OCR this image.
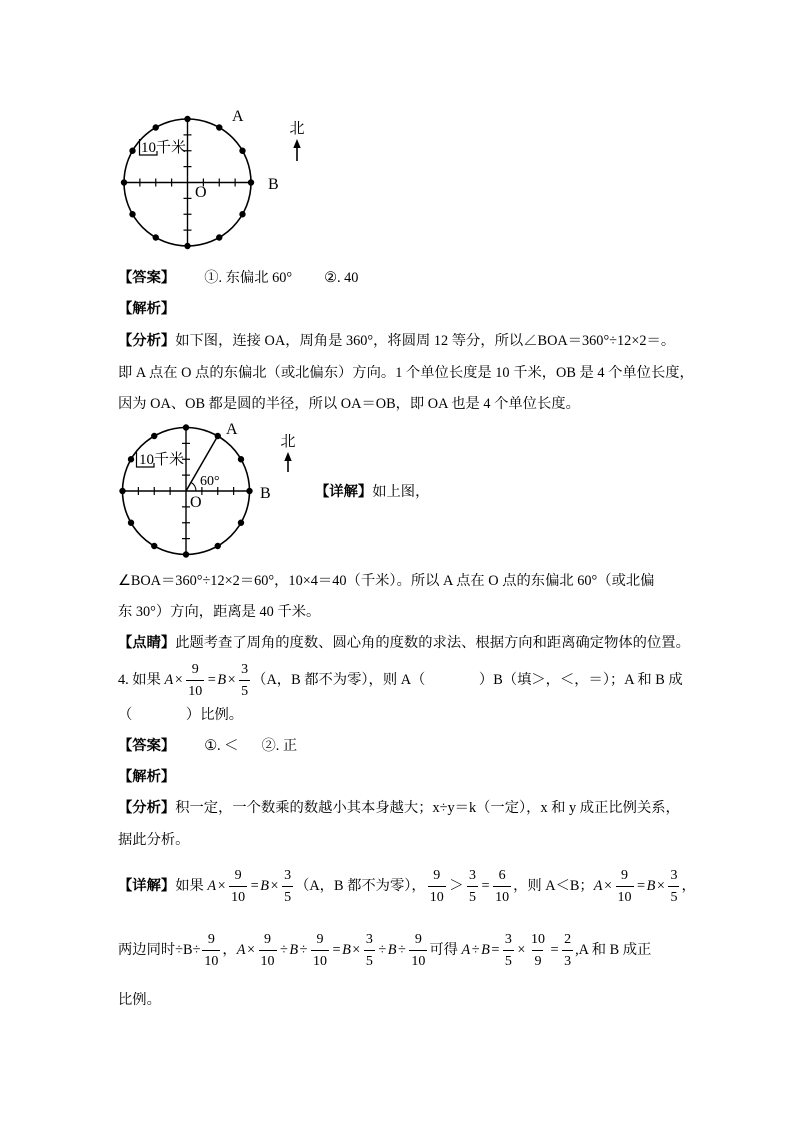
10千米
A
B
O
北
【答案】 ①. 东偏北 60° ②. 40
【解析】
【分析】 如下图，连接 OA，周角是 360°，将圆周 12 等分，所以∠BOA＝360°÷12×2＝。
即 A 点在 O 点的东偏北（或北偏东）方向。1 个单位长度是 10 千米，OB 是 4 个单位长度，
因为 OA、OB 都是圆的半径，所以 OA＝OB，即 OA 也是 4 个单位长度。
10千米
60°
A
B
O
北
【详解】 如上图，
∠BOA＝360°÷12×2＝60°，10×4＝40（千米）。所以 A 点在 O 点的东偏北 60°（或北偏
东 30°）方向，距离是 40 千米。
【点睛】 此题考查了周角的度数、圆心角的度数的求法、根据方向和距离确定物体的位置。
4. 如果 $A \times \frac{9}{10} = B \times \frac{3}{5} (A$，B 都不为零），则 A（               ）B（填＞，＜，＝）；A 和 B 成
（               ）比例。
【答案】 ①. ＜ ②. 正
【解析】
【分析】 积一定，一个数乘的数越小其本身越大；x÷y＝k（一定），x 和 y 成正比例关系，
据此分析。
【详解】 如果 $A \times \frac{9}{10} = B \times \frac{3}{5} (A$，B 都不为零）， $\frac{9}{10} > \frac{3}{5} = \frac{6}{10}$ ，则 A＜B； $A \times \frac{9}{10} = B \times \frac{3}{5}$ ，
两边同时$\div B\div \frac{9}{10}$ ， $A \times \frac{9}{10} \div B \div \frac{9}{10} = B \times \frac{3}{5} \div B \div \frac{9}{10}$ 可得 $A \div B = \frac{3}{5} \times \frac{10}{9} = \frac{2}{3} ,A$ 和 B 成正
比例。
